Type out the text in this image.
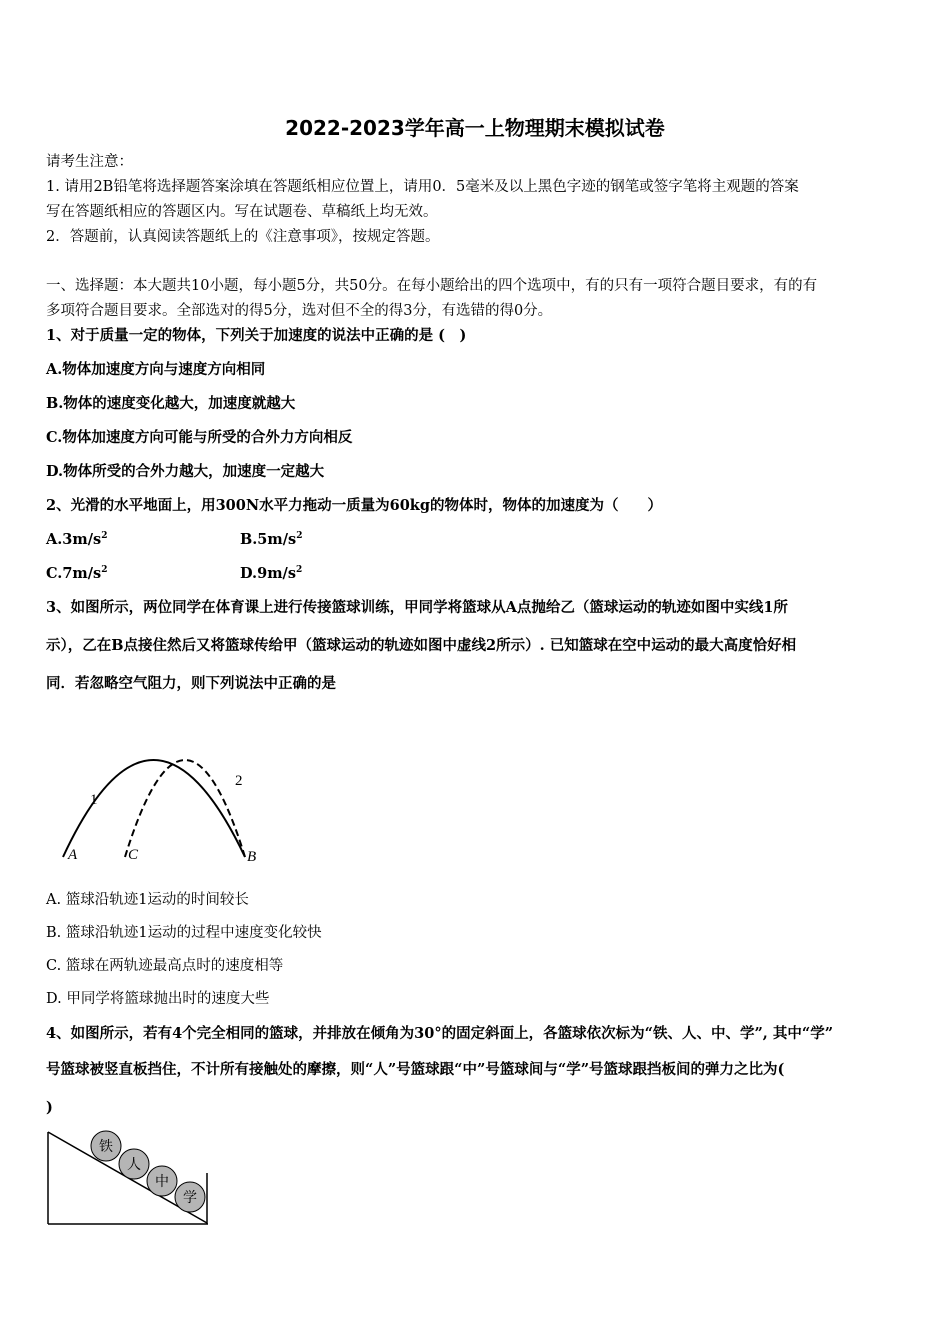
2022-2023学年高一上物理期末模拟试卷
请考生注意：
1. 请用2B铅笔将选择题答案涂填在答题纸相应位置上，请用0．5毫米及以上黑色字迹的钢笔或签字笔将主观题的答案
写在答题纸相应的答题区内。写在试题卷、草稿纸上均无效。
2．答题前，认真阅读答题纸上的《注意事项》，按规定答题。
一、选择题：本大题共10小题，每小题5分，共50分。在每小题给出的四个选项中，有的只有一项符合题目要求，有的有
多项符合题目要求。全部选对的得5分，选对但不全的得3分，有选错的得0分。
1、对于质量一定的物体，下列关于加速度的说法中正确的是 (　)
A.物体加速度方向与速度方向相同
B.物体的速度变化越大，加速度就越大
C.物体加速度方向可能与所受的合外力方向相反
D.物体所受的合外力越大，加速度一定越大
2、光滑的水平地面上，用300N水平力拖动一质量为60kg的物体时，物体的加速度为（　　）
$A.3m/s^2$	$B.5m/s^2$
$C.7m/s^2$	$D.9m/s^2$
3、如图所示，两位同学在体育课上进行传接篮球训练，甲同学将篮球从A点抛给乙（篮球运动的轨迹如图中实线1所
示），乙在B点接住然后又将篮球传给甲（篮球运动的轨迹如图中虚线2所示）. 已知篮球在空中运动的最大高度恰好相
同．若忽略空气阻力，则下列说法中正确的是
1
2
A	C	B
A. 篮球沿轨迹1运动的时间较长
B. 篮球沿轨迹1运动的过程中速度变化较快
C. 篮球在两轨迹最高点时的速度相等
D. 甲同学将篮球抛出时的速度大些
4、如图所示，若有4个完全相同的篮球，并排放在倾角为30°的固定斜面上，各篮球依次标为“铁、人、中、学”, 其中“学”
号篮球被竖直板挡住，不计所有接触处的摩擦，则“人”号篮球跟“中”号篮球间与“学”号篮球跟挡板间的弹力之比为(
)
铁
人
中
学
